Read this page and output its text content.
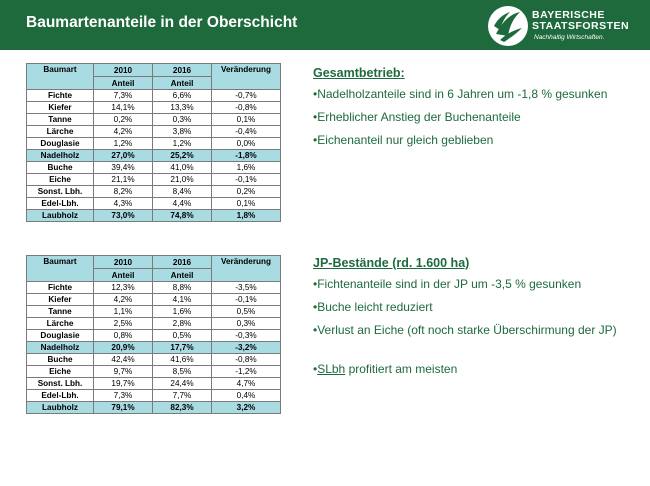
Baumartenanteile in der Oberschicht	BAYERISCHE
STAATSFORSTEN
Nachhaltig Wirtschaften.
Baumart	2010	2016	Veränderung
	Anteil	Anteil	
Fichte	7,3%	6,6%	-0,7%
Kiefer	14,1%	13,3%	-0,8%
Tanne	0,2%	0,3%	0,1%
Lärche	4,2%	3,8%	-0,4%
Douglasie	1,2%	1,2%	0,0%
Nadelholz	27,0%	25,2%	-1,8%
Buche	39,4%	41,0%	1,6%
Eiche	21,1%	21,0%	-0,1%
Sonst. Lbh.	8,2%	8,4%	0,2%
Edel-Lbh.	4,3%	4,4%	0,1%
Laubholz	73,0%	74,8%	1,8%
Baumart	2010	2016	Veränderung
	Anteil	Anteil	
Fichte	12,3%	8,8%	-3,5%
Kiefer	4,2%	4,1%	-0,1%
Tanne	1,1%	1,6%	0,5%
Lärche	2,5%	2,8%	0,3%
Douglasie	0,8%	0,5%	-0,3%
Nadelholz	20,9%	17,7%	-3,2%
Buche	42,4%	41,6%	-0,8%
Eiche	9,7%	8,5%	-1,2%
Sonst. Lbh.	19,7%	24,4%	4,7%
Edel-Lbh.	7,3%	7,7%	0,4%
Laubholz	79,1%	82,3%	3,2%
Gesamtbetrieb:
•Nadelholzanteile sind in 6 Jahren um -1,8 % gesunken
•Erheblicher Anstieg der Buchenanteile
•Eichenanteil nur gleich geblieben
JP-Bestände (rd. 1.600 ha)
•Fichtenanteile sind in der JP um -3,5 % gesunken
•Buche leicht reduziert
•Verlust an Eiche (oft noch starke Überschirmung der JP)
•SLbh profitiert am meisten
